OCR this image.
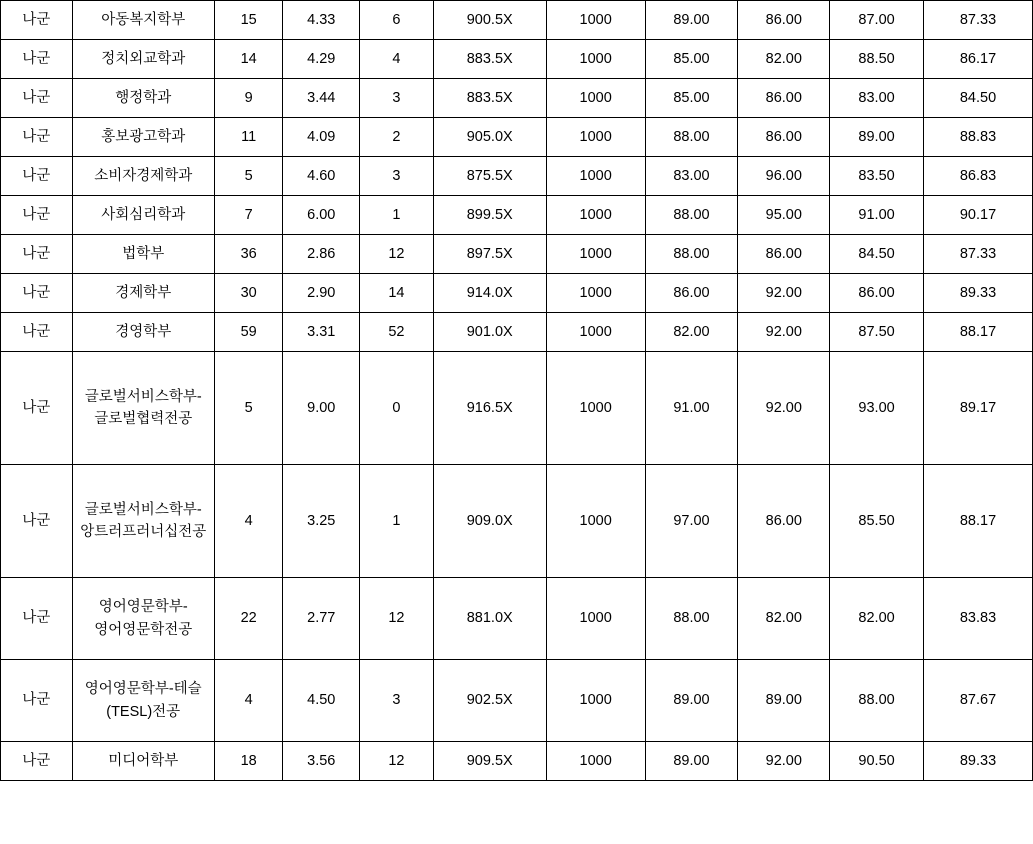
나군	아동복지학부	15	4.33	6	900.5X	1000	89.00	86.00	87.00	87.33
나군	정치외교학과	14	4.29	4	883.5X	1000	85.00	82.00	88.50	86.17
나군	행정학과	9	3.44	3	883.5X	1000	85.00	86.00	83.00	84.50
나군	홍보광고학과	11	4.09	2	905.0X	1000	88.00	86.00	89.00	88.83
나군	소비자경제학과	5	4.60	3	875.5X	1000	83.00	96.00	83.50	86.83
나군	사회심리학과	7	6.00	1	899.5X	1000	88.00	95.00	91.00	90.17
나군	법학부	36	2.86	12	897.5X	1000	88.00	86.00	84.50	87.33
나군	경제학부	30	2.90	14	914.0X	1000	86.00	92.00	86.00	89.33
나군	경영학부	59	3.31	52	901.0X	1000	82.00	92.00	87.50	88.17
나군	글로벌서비스학부-글로벌협력전공	5	9.00	0	916.5X	1000	91.00	92.00	93.00	89.17
나군	글로벌서비스학부-앙트러프러너십전공	4	3.25	1	909.0X	1000	97.00	86.00	85.50	88.17
나군	영어영문학부-영어영문학전공	22	2.77	12	881.0X	1000	88.00	82.00	82.00	83.83
나군	영어영문학부-테슬(TESL)전공	4	4.50	3	902.5X	1000	89.00	89.00	88.00	87.67
나군	미디어학부	18	3.56	12	909.5X	1000	89.00	92.00	90.50	89.33
